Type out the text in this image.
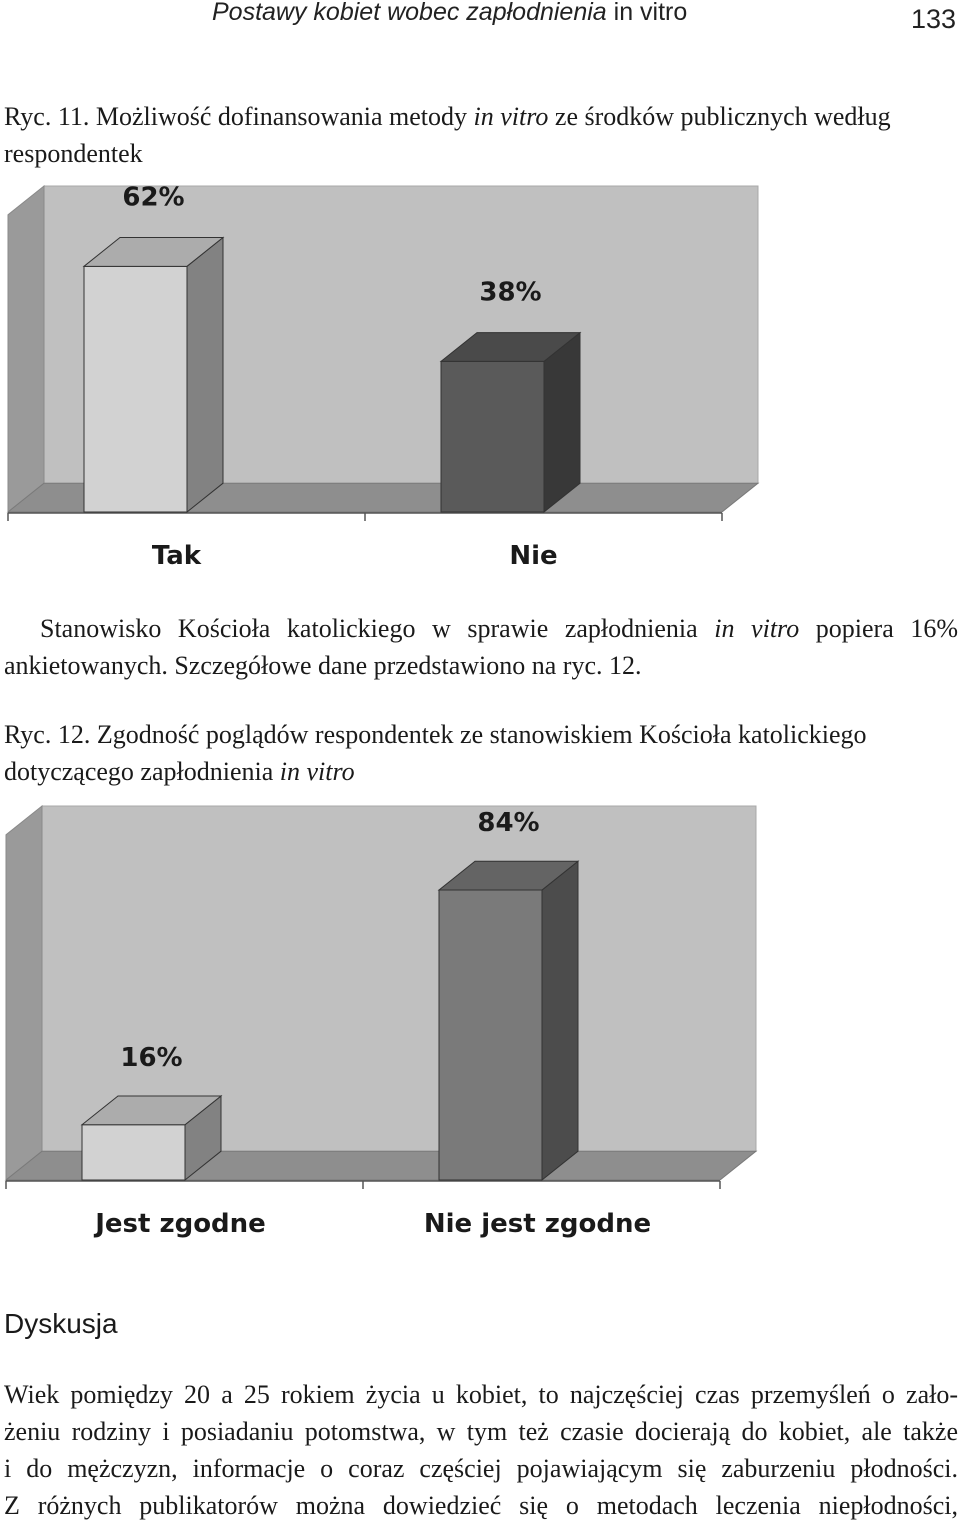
Postawy kobiet wobec zapłodnienia in vitro	133
Ryc. 11. Możliwość dofinansowania metody in vitro ze środków publicznych według respondentek
62%
Tak
38%
Nie
Stanowisko Kościoła katolickiego w sprawie zapłodnienia in vitro popiera 16%
ankietowanych. Szczegółowe dane przedstawiono na ryc. 12.
Ryc. 12. Zgodność poglądów respondentek ze stanowiskiem Kościoła katolickiego dotyczącego zapłodnienia in vitro
16%
Jest zgodne
84%
Nie jest zgodne
Dyskusja
Wiek pomiędzy 20 a 25 rokiem życia u kobiet, to najczęściej czas przemyśleń o zało-
żeniu rodziny i posiadaniu potomstwa, w tym też czasie docierają do kobiet, ale także
i do mężczyzn, informacje o coraz częściej pojawiającym się zaburzeniu płodności.
Z różnych publikatorów można dowiedzieć się o metodach leczenia niepłodności,
